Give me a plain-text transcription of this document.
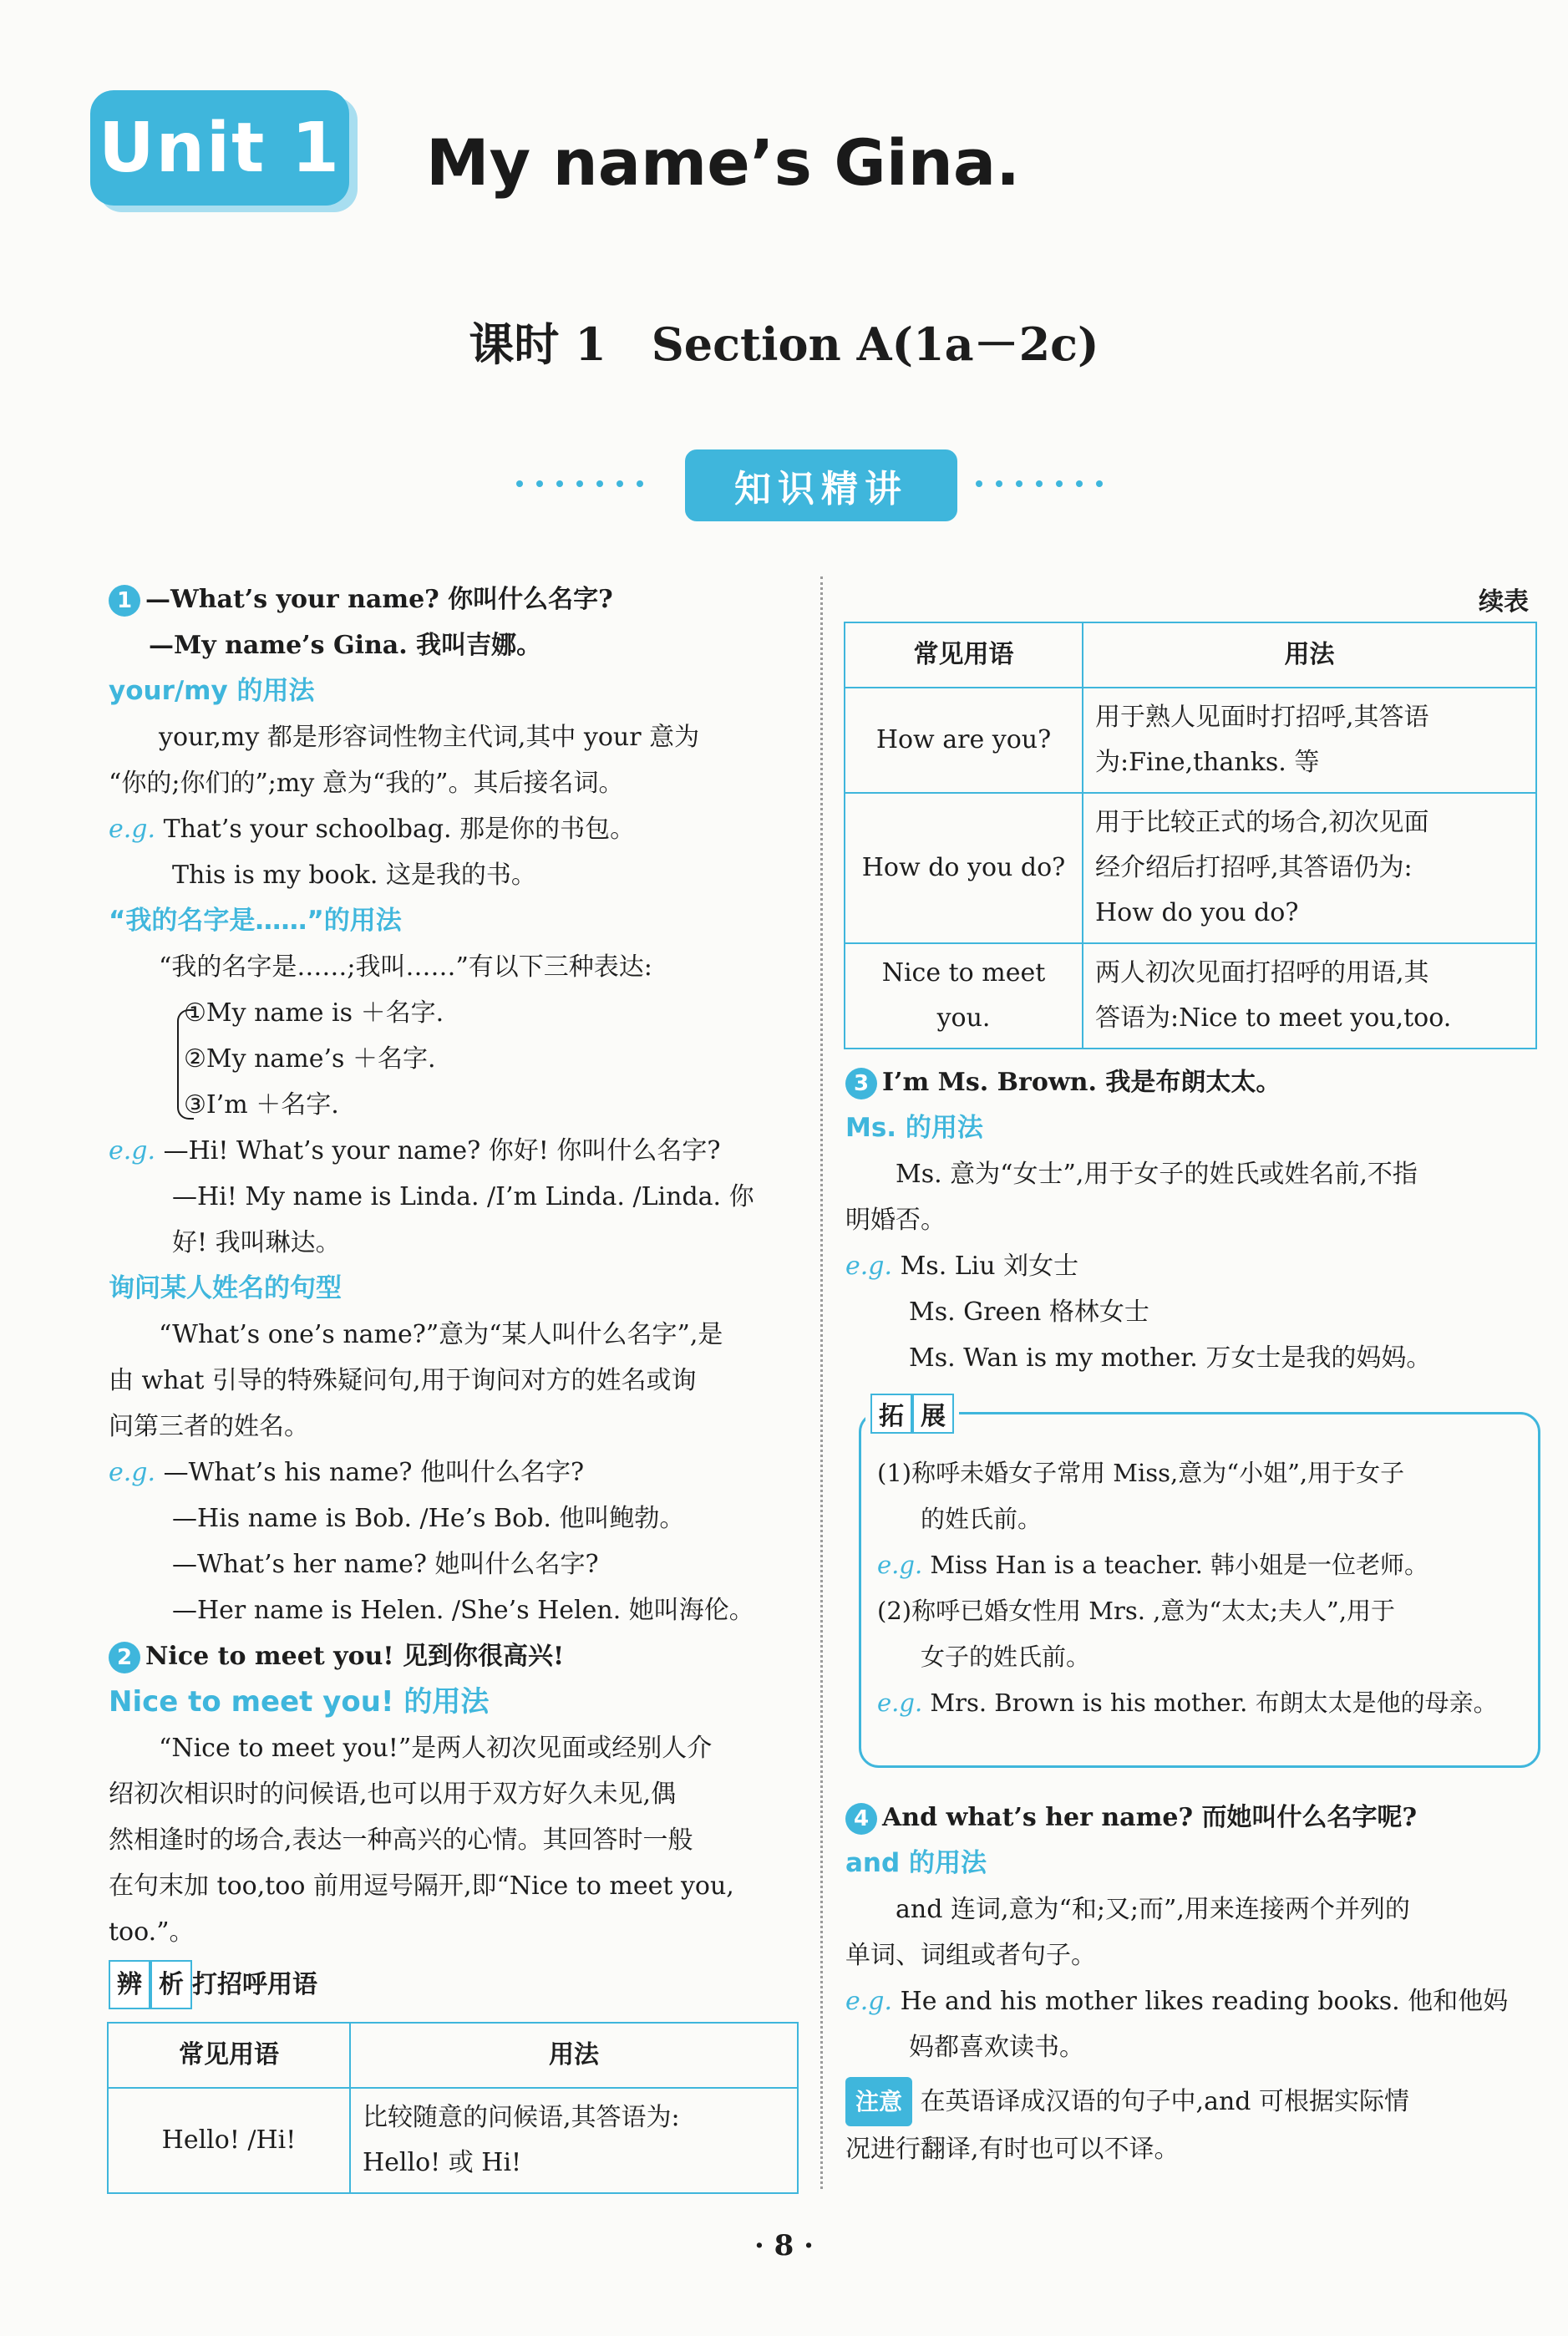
Unit 1 My name’s Gina.
课时 1　Section A(1a－2c)
知识精讲
1 —What’s your name? 你叫什么名字?
—My name’s Gina. 我叫吉娜。
your/my 的用法
your,my 都是形容词性物主代词,其中 your 意为
“你的;你们的”;my 意为“我的”。其后接名词。
e.g. That’s your schoolbag. 那是你的书包。
This is my book. 这是我的书。
“我的名字是……”的用法
“我的名字是……;我叫……”有以下三种表达:
①My name is ＋名字.
②My name’s ＋名字.
③I’m ＋名字.
e.g. —Hi! What’s your name? 你好! 你叫什么名字?
—Hi! My name is Linda. /I’m Linda. /Linda. 你
好! 我叫琳达。
询问某人姓名的句型
“What’s one’s name?”意为“某人叫什么名字”,是
由 what 引导的特殊疑问句,用于询问对方的姓名或询
问第三者的姓名。
e.g. —What’s his name? 他叫什么名字?
—His name is Bob. /He’s Bob. 他叫鲍勃。
—What’s her name? 她叫什么名字?
—Her name is Helen. /She’s Helen. 她叫海伦。
2 Nice to meet you! 见到你很高兴!
Nice to meet you! 的用法
“Nice to meet you!”是两人初次见面或经别人介
绍初次相识时的问候语,也可以用于双方好久未见,偶
然相逢时的场合,表达一种高兴的心情。其回答时一般
在句末加 too,too 前用逗号隔开,即“Nice to meet you,
too.”。
辨 析 打招呼用语
常见用语	用法
Hello! /Hi!	比较随意的问候语,其答语为:
Hello! 或 Hi!
续表
常见用语	用法
How are you?	用于熟人见面时打招呼,其答语
为:Fine,thanks. 等

How do you do?	用于比较正式的场合,初次见面
经介绍后打招呼,其答语仍为:
How do you do?

Nice to meet you.	两人初次见面打招呼的用语,其
答语为:Nice to meet you,too.
3 I’m Ms. Brown. 我是布朗太太。
Ms. 的用法
Ms. 意为“女士”,用于女子的姓氏或姓名前,不指
明婚否。
e.g. Ms. Liu 刘女士
Ms. Green 格林女士
Ms. Wan is my mother. 万女士是我的妈妈。
拓 展
(1)称呼未婚女子常用 Miss,意为“小姐”,用于女子
的姓氏前。
e.g. Miss Han is a teacher. 韩小姐是一位老师。
(2)称呼已婚女性用 Mrs. ,意为“太太;夫人”,用于
女子的姓氏前。
e.g. Mrs. Brown is his mother. 布朗太太是他的母亲。
4 And what’s her name? 而她叫什么名字呢?
and 的用法
and 连词,意为“和;又;而”,用来连接两个并列的
单词、词组或者句子。
e.g. He and his mother likes reading books. 他和他妈
妈都喜欢读书。
注意 在英语译成汉语的句子中,and 可根据实际情
况进行翻译,有时也可以不译。
· 8 ·
